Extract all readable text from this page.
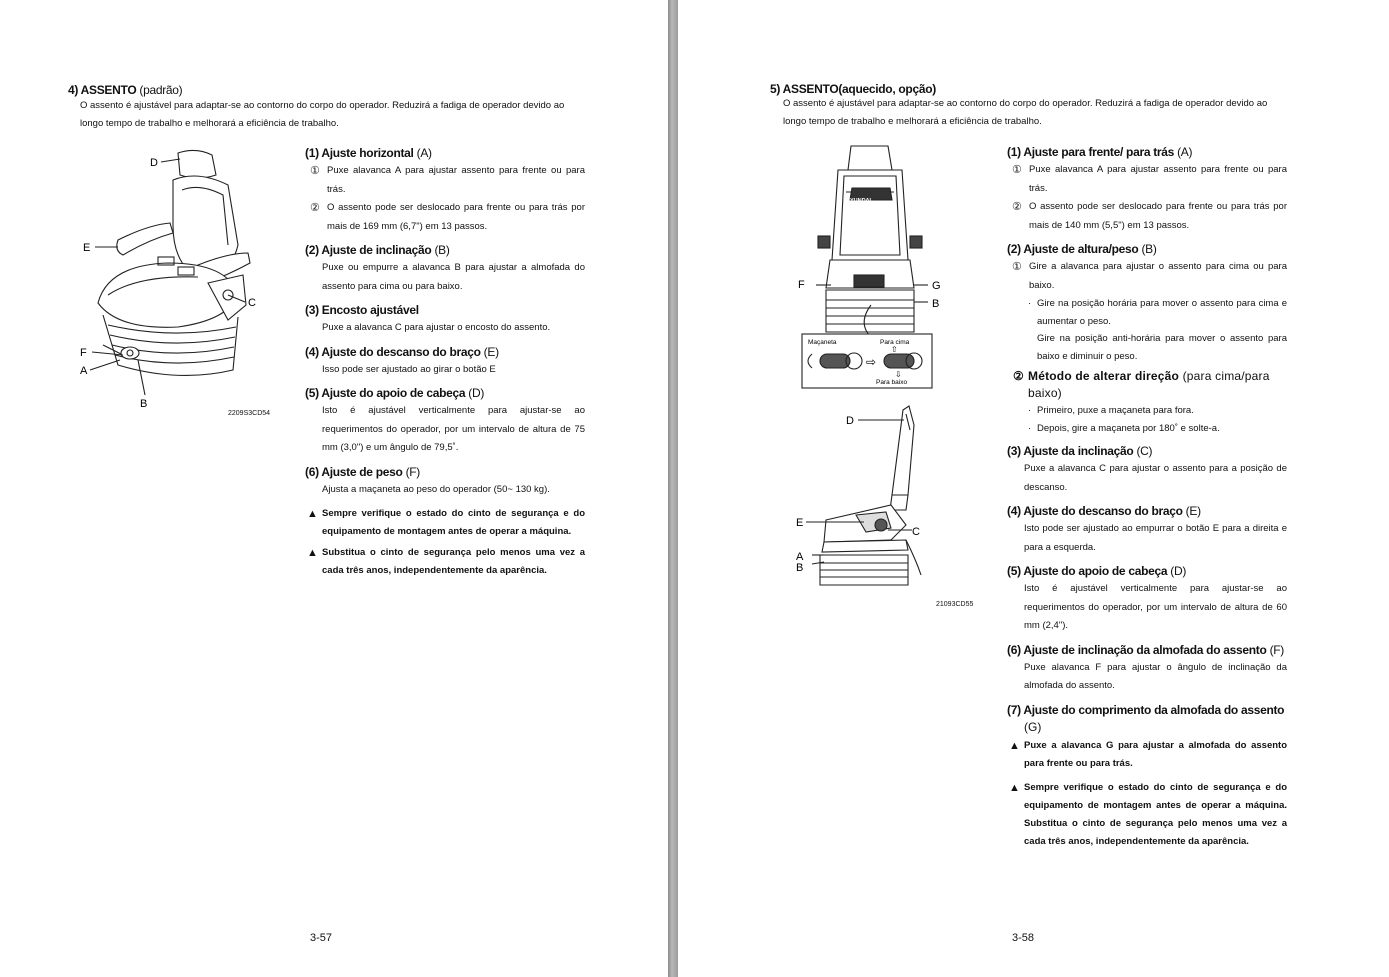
4) ASSENTO (padrão)
O assento é ajustável para adaptar-se ao contorno do corpo do operador. Reduzirá a fadiga de operador devido ao longo tempo de trabalho e melhorará a eficiência de trabalho.
D
E
C
F
A
B
2209S3CD54
(1) Ajuste horizontal (A)
① Puxe alavanca A para ajustar assento para frente ou para trás.
② O assento pode ser deslocado para frente ou para trás por mais de 169 mm (6,7") em 13 passos.
(2) Ajuste de inclinação (B)
Puxe ou empurre a alavanca B para ajustar a almofada do assento para cima ou para baixo.
(3) Encosto ajustável
Puxe a alavanca C para ajustar o encosto do assento.
(4) Ajuste do descanso do braço (E)
Isso pode ser ajustado ao girar o botão E
(5) Ajuste do apoio de cabeça (D)
Isto é ajustável verticalmente para ajustar-se ao requerimentos do operador, por um intervalo de altura de 75 mm (3,0") e um ângulo de 79,5˚.
(6) Ajuste de peso (F)
Ajusta a maçaneta ao peso do operador (50~ 130 kg).
▲ Sempre verifique o estado do cinto de segurança e do equipamento de montagem antes de operar a máquina.
▲ Substitua o cinto de segurança pelo menos uma vez a cada três anos, independentemente da aparência.
3-57
5) ASSENTO(aquecido, opção)
O assento é ajustável para adaptar-se ao contorno do corpo do operador. Reduzirá a fadiga de operador devido ao longo tempo de trabalho e melhorará a eficiência de trabalho.
HYUNDAI
F	G
B
Maçaneta	Para cima
⇧
⇨
⇩
Para baixo
D
E
C
A
B
21093CD55
(1) Ajuste para frente/ para trás (A)
① Puxe alavanca A para ajustar assento para frente ou para trás.
② O assento pode ser deslocado para frente ou para trás por mais de 140 mm (5,5") em 13 passos.
(2) Ajuste de altura/peso (B)
① Gire a alavanca para ajustar o assento para cima ou para baixo.
· Gire na posição horária para mover o assento para cima e aumentar o peso.
Gire na posição anti-horária para mover o assento para baixo e diminuir o peso.
② Método de alterar direção (para cima/para baixo)
· Primeiro, puxe a maçaneta para fora.
· Depois, gire a maçaneta por 180˚ e solte-a.
(3) Ajuste da inclinação (C)
Puxe a alavanca C para ajustar o assento para a posição de descanso.
(4) Ajuste do descanso do braço (E)
Isto pode ser ajustado ao empurrar o botão E para a direita e para a esquerda.
(5) Ajuste do apoio de cabeça (D)
Isto é ajustável verticalmente para ajustar-se ao requerimentos do operador, por um intervalo de altura de 60 mm (2,4").
(6) Ajuste de inclinação da almofada do assento (F)
Puxe alavanca F para ajustar o ângulo de inclinação da almofada do assento.
(7) Ajuste do comprimento da almofada do assento
(G)
▲ Puxe a alavanca G para ajustar a almofada do assento para frente ou para trás.
▲ Sempre verifique o estado do cinto de segurança e do equipamento de montagem antes de operar a máquina. Substitua o cinto de segurança pelo menos uma vez a cada três anos, independentemente da aparência.
3-58
